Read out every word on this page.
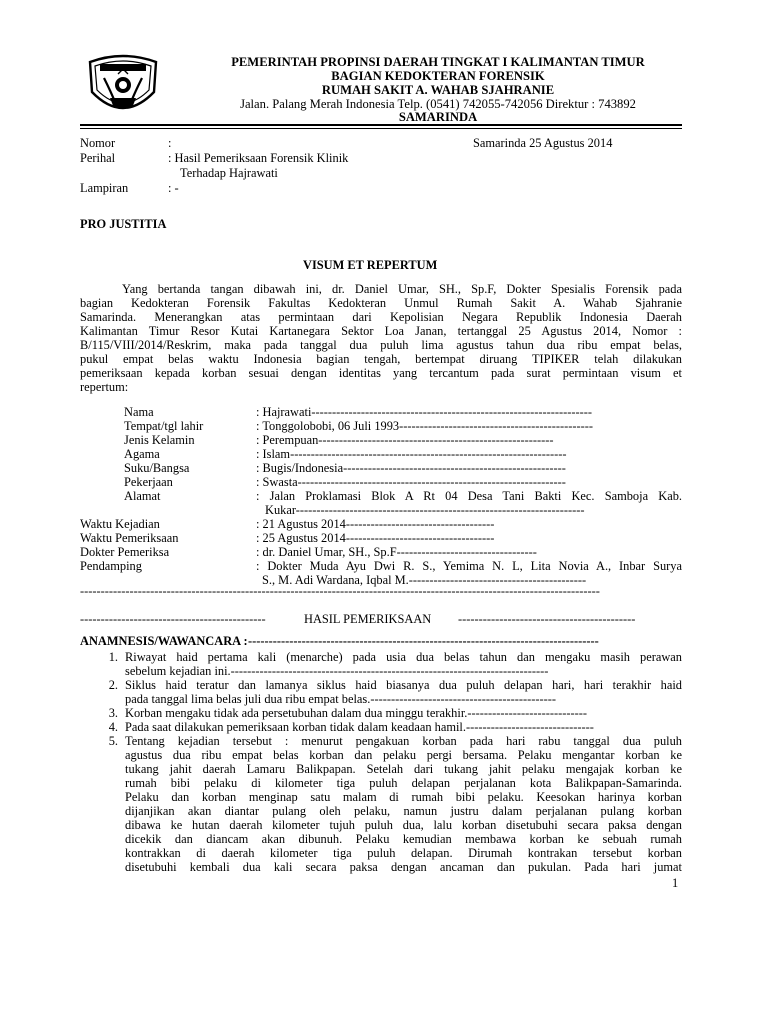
PEMERINTAH PROPINSI DAERAH TINGKAT I KALIMANTAN TIMUR
BAGIAN KEDOKTERAN FORENSIK
RUMAH SAKIT A. WAHAB SJAHRANIE
Jalan. Palang Merah Indonesia Telp. (0541) 742055-742056 Direktur : 743892
SAMARINDA
Nomor	:	Samarinda 25 Agustus 2014
Perihal	: Hasil Pemeriksaan Forensik Klinik
Terhadap Hajrawati
Lampiran	: -
PRO JUSTITIA
VISUM ET REPERTUM
Yang bertanda tangan dibawah ini, dr. Daniel Umar, SH., Sp.F, Dokter Spesialis Forensik pada
bagian Kedokteran Forensik Fakultas Kedokteran Unmul Rumah Sakit A. Wahab Sjahranie
Samarinda. Menerangkan atas permintaan dari Kepolisian Negara Republik Indonesia Daerah
Kalimantan Timur Resor Kutai Kartanegara Sektor Loa Janan, tertanggal 25 Agustus 2014, Nomor :
B/115/VIII/2014/Reskrim, maka pada tanggal dua puluh lima agustus tahun dua ribu empat belas,
pukul empat belas waktu Indonesia bagian tengah, bertempat diruang TIPIKER telah dilakukan
pemeriksaan kepada korban sesuai dengan identitas yang tercantum pada surat permintaan visum et
repertum:
Nama	: Hajrawati--------------------------------------------------------------------
Tempat/tgl lahir	: Tonggolobobi, 06 Juli 1993-----------------------------------------------
Jenis Kelamin	: Perempuan---------------------------------------------------------
Agama	: Islam-------------------------------------------------------------------
Suku/Bangsa	: Bugis/Indonesia------------------------------------------------------
Pekerjaan	: Swasta-----------------------------------------------------------------
Alamat	: Jalan Proklamasi Blok A Rt 04 Desa Tani Bakti Kec. Samboja Kab.
Kukar----------------------------------------------------------------------
Waktu Kejadian	: 21 Agustus 2014------------------------------------
Waktu Pemeriksaan	: 25 Agustus 2014------------------------------------
Dokter Pemeriksa	: dr. Daniel Umar, SH., Sp.F----------------------------------
Pendamping	: Dokter Muda Ayu Dwi R. S., Yemima N. L, Lita Novia A., Inbar Surya
S., M. Adi Wardana, Iqbal M.-------------------------------------------
------------------------------------------------------------------------------------------------------------------------------
---------------------------------------------	HASIL PEMERIKSAAN -------------------------------------------
ANAMNESIS/WAWANCARA : -------------------------------------------------------------------------------------
1. Riwayat haid pertama kali (menarche) pada usia dua belas tahun dan mengaku masih perawan
sebelum kejadian ini.-----------------------------------------------------------------------------
2. Siklus haid teratur dan lamanya siklus haid biasanya dua puluh delapan hari, hari terakhir haid
pada tanggal lima belas juli dua ribu empat belas.---------------------------------------------
3. Korban mengaku tidak ada persetubuhan dalam dua minggu terakhir.-----------------------------
4. Pada saat dilakukan pemeriksaan korban tidak dalam keadaan hamil.-------------------------------
5. Tentang kejadian tersebut : menurut pengakuan korban pada hari rabu tanggal dua puluh
agustus dua ribu empat belas korban dan pelaku pergi bersama. Pelaku mengantar korban ke
tukang jahit daerah Lamaru Balikpapan. Setelah dari tukang jahit pelaku mengajak korban ke
rumah bibi pelaku di kilometer tiga puluh delapan perjalanan kota Balikpapan-Samarinda.
Pelaku dan korban menginap satu malam di rumah bibi pelaku. Keesokan harinya korban
dijanjikan akan diantar pulang oleh pelaku, namun justru dalam perjalanan pulang korban
dibawa ke hutan daerah kilometer tujuh puluh dua, lalu korban disetubuhi secara paksa dengan
dicekik dan diancam akan dibunuh. Pelaku kemudian membawa korban ke sebuah rumah
kontrakkan di daerah kilometer tiga puluh delapan. Dirumah kontrakan tersebut korban
disetubuhi kembali dua kali secara paksa dengan ancaman dan pukulan. Pada hari jumat
1
